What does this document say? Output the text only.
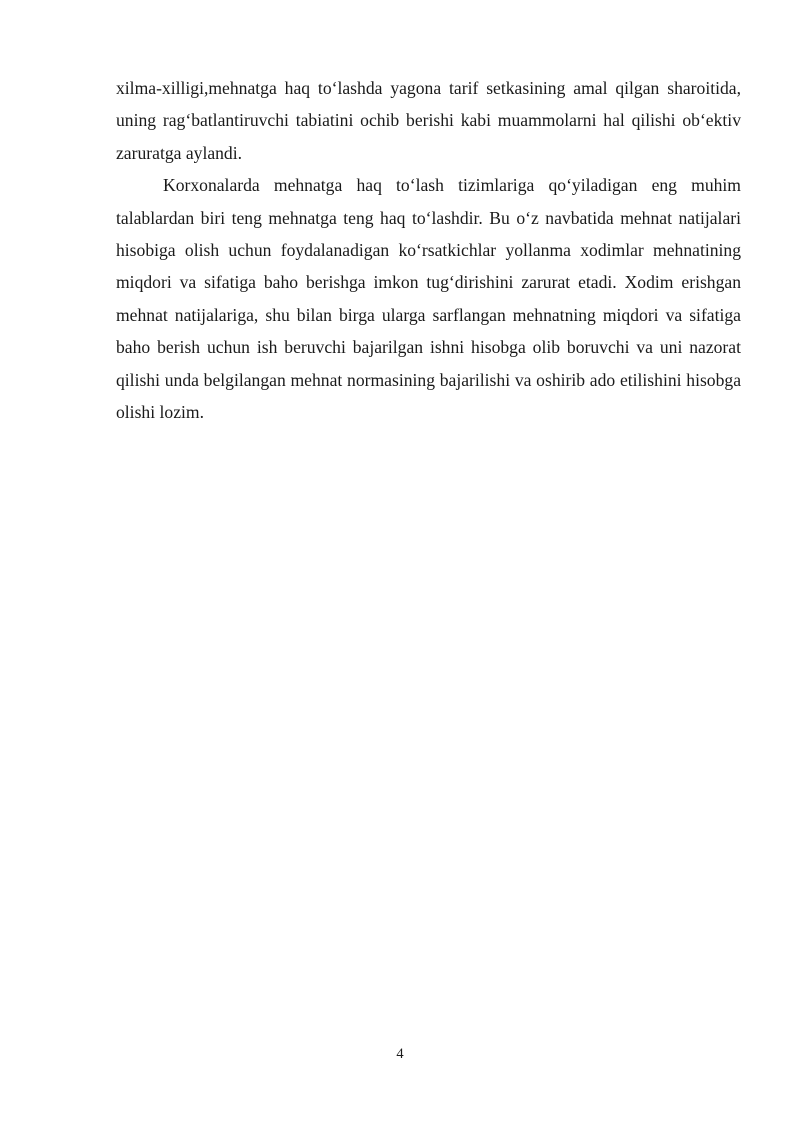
xilma-xilligi,mehnatga haq to‘lashda yagona tarif setkasining amal qilgan sharoitida, uning rag‘batlantiruvchi tabiatini ochib berishi kabi muammolarni hal qilishi ob‘ektiv zaruratga aylandi.

Korxonalarda mehnatga haq to‘lash tizimlariga qo‘yiladigan eng muhim talablardan biri teng mehnatga teng haq to‘lashdir. Bu o‘z navbatida mehnat natijalari hisobiga olish uchun foydalanadigan ko‘rsatkichlar yollanma xodimlar mehnatining miqdori va sifatiga baho berishga imkon tug‘dirishini zarurat etadi. Xodim erishgan mehnat natijalariga, shu bilan birga ularga sarflangan mehnatning miqdori va sifatiga baho berish uchun ish beruvchi bajarilgan ishni hisobga olib boruvchi va uni nazorat qilishi unda belgilangan mehnat normasining bajarilishi va oshirib ado etilishini hisobga olishi lozim.

4
